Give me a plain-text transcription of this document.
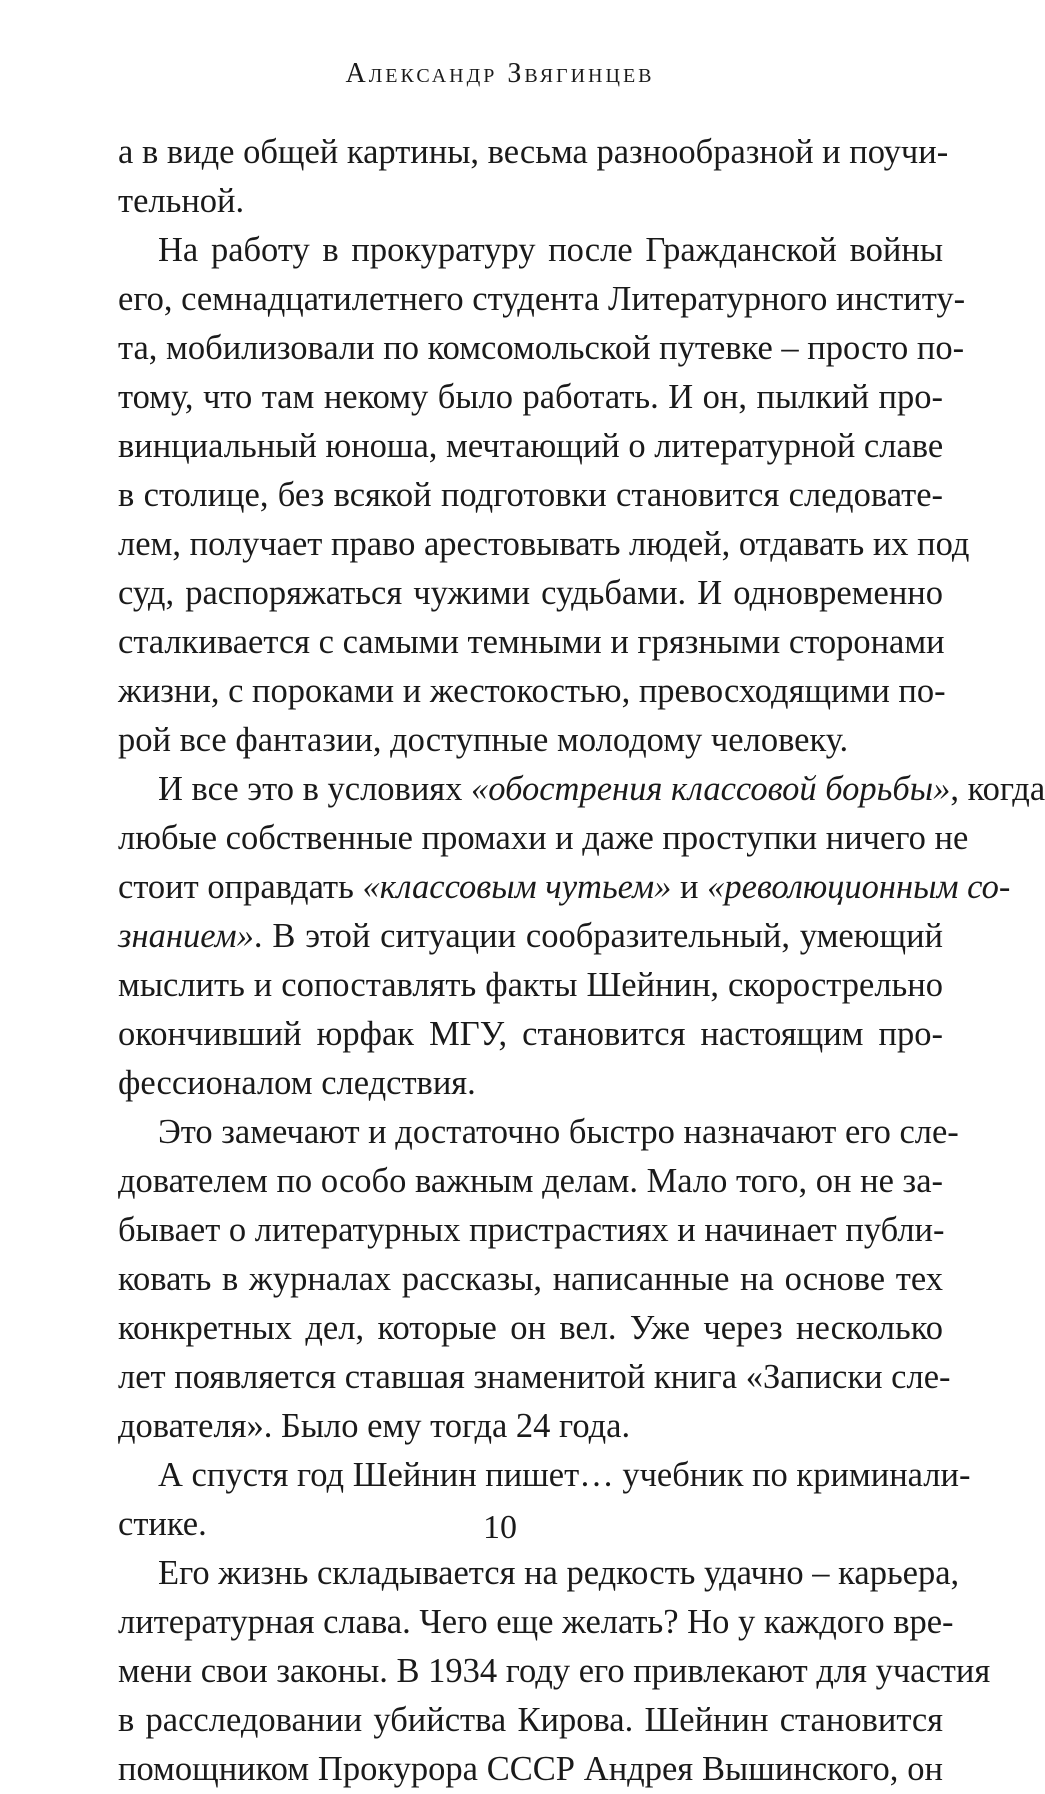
Александр Звягинцев
а в виде общей картины, весьма разнообразной и поучи-
тельной.
На работу в прокуратуру после Гражданской войны
его, семнадцатилетнего студента Литературного институ-
та, мобилизовали по комсомольской путевке – просто по-
тому, что там некому было работать. И он, пылкий про-
винциальный юноша, мечтающий о литературной славе
в столице, без всякой подготовки становится следовате-
лем, получает право арестовывать людей, отдавать их под
суд, распоряжаться чужими судьбами. И одновременно
сталкивается с самыми темными и грязными сторонами
жизни, с пороками и жестокостью, превосходящими по-
рой все фантазии, доступные молодому человеку.
И все это в условиях «обострения классовой борьбы», когда
любые собственные промахи и даже проступки ничего не
стоит оправдать «классовым чутьем» и «революционным со-
знанием». В этой ситуации сообразительный, умеющий
мыслить и сопоставлять факты Шейнин, скорострельно
окончивший юрфак МГУ, становится настоящим про-
фессионалом следствия.
Это замечают и достаточно быстро назначают его сле-
дователем по особо важным делам. Мало того, он не за-
бывает о литературных пристрастиях и начинает публи-
ковать в журналах рассказы, написанные на основе тех
конкретных дел, которые он вел. Уже через несколько
лет появляется ставшая знаменитой книга «Записки сле-
дователя». Было ему тогда 24 года.
А спустя год Шейнин пишет… учебник по криминали-
стике.
Его жизнь складывается на редкость удачно – карьера,
литературная слава. Чего еще желать? Но у каждого вре-
мени свои законы. В 1934 году его привлекают для участия
в расследовании убийства Кирова. Шейнин становится
помощником Прокурора СССР Андрея Вышинского, он
10
